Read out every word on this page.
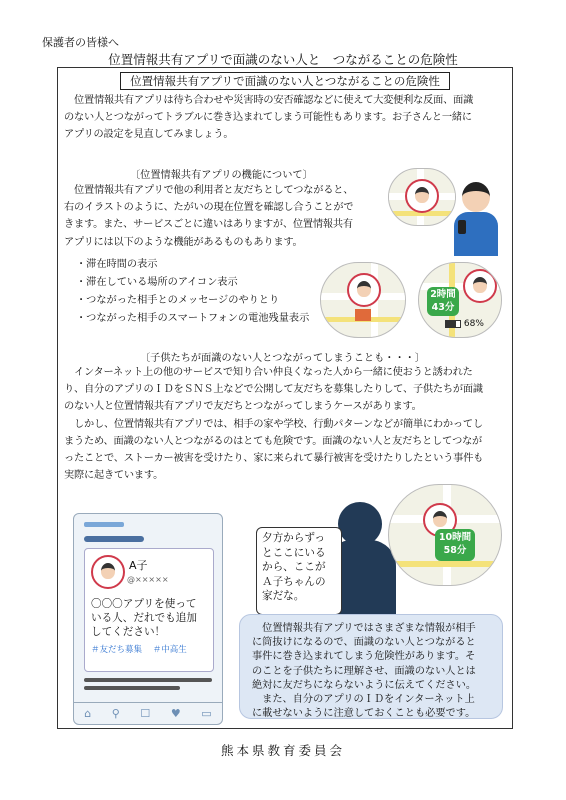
保護者の皆様へ
位置情報共有アプリで面識のない人と　つながることの危険性
位置情報共有アプリで面識のない人とつながることの危険性
　位置情報共有アプリは待ち合わせや災害時の安否確認などに使えて大変便利な反面、面識
のない人とつながってトラブルに巻き込まれてしまう可能性もあります。お子さんと一緒に
アプリの設定を見直してみましょう。
〔位置情報共有アプリの機能について〕
　位置情報共有アプリで他の利用者と友だちとしてつながると、
右のイラストのように、たがいの現在位置を確認し合うことがで
きます。また、サービスごとに違いはありますが、位置情報共有
アプリには以下のような機能があるものもあります。
・滞在時間の表示
・滞在している場所のアイコン表示
・つながった相手とのメッセージのやりとり
・つながった相手のスマートフォンの電池残量表示
2時間
43分
68%
〔子供たちが面識のない人とつながってしまうことも・・・〕
　インターネット上の他のサービスで知り合い仲良くなった人から一緒に使おうと誘われた
り、自分のアプリのＩＤをＳＮＳ上などで公開して友だちを募集したりして、子供たちが面識
のない人と位置情報共有アプリで友だちとつながってしまうケースがあります。
　しかし、位置情報共有アプリでは、相手の家や学校、行動パターンなどが簡単にわかってし
まうため、面識のない人とつながるのはとても危険です。面識のない人と友だちとしてつなが
ったことで、ストーカー被害を受けたり、家に来られて暴行被害を受けたりしたという事件も
実際に起きています。
A子
@×××××
〇〇〇アプリを使って
いる人、だれでも追加
してください！
＃友だち募集 ＃中高生
⌂ ⚲ ☐ ♥ ▭
夕方からずっ
とここにいる
から、ここが
Ａ子ちゃんの
家だな。
10時間
58分
　位置情報共有アプリではさまざまな情報が相手
に筒抜けになるので、面識のない人とつながると
事件に巻き込まれてしまう危険性があります。そ
のことを子供たちに理解させ、面識のない人とは
絶対に友だちにならないように伝えてください。
　また、自分のアプリのＩＤをインターネット上
に載せないように注意しておくことも必要です。
熊本県教育委員会
